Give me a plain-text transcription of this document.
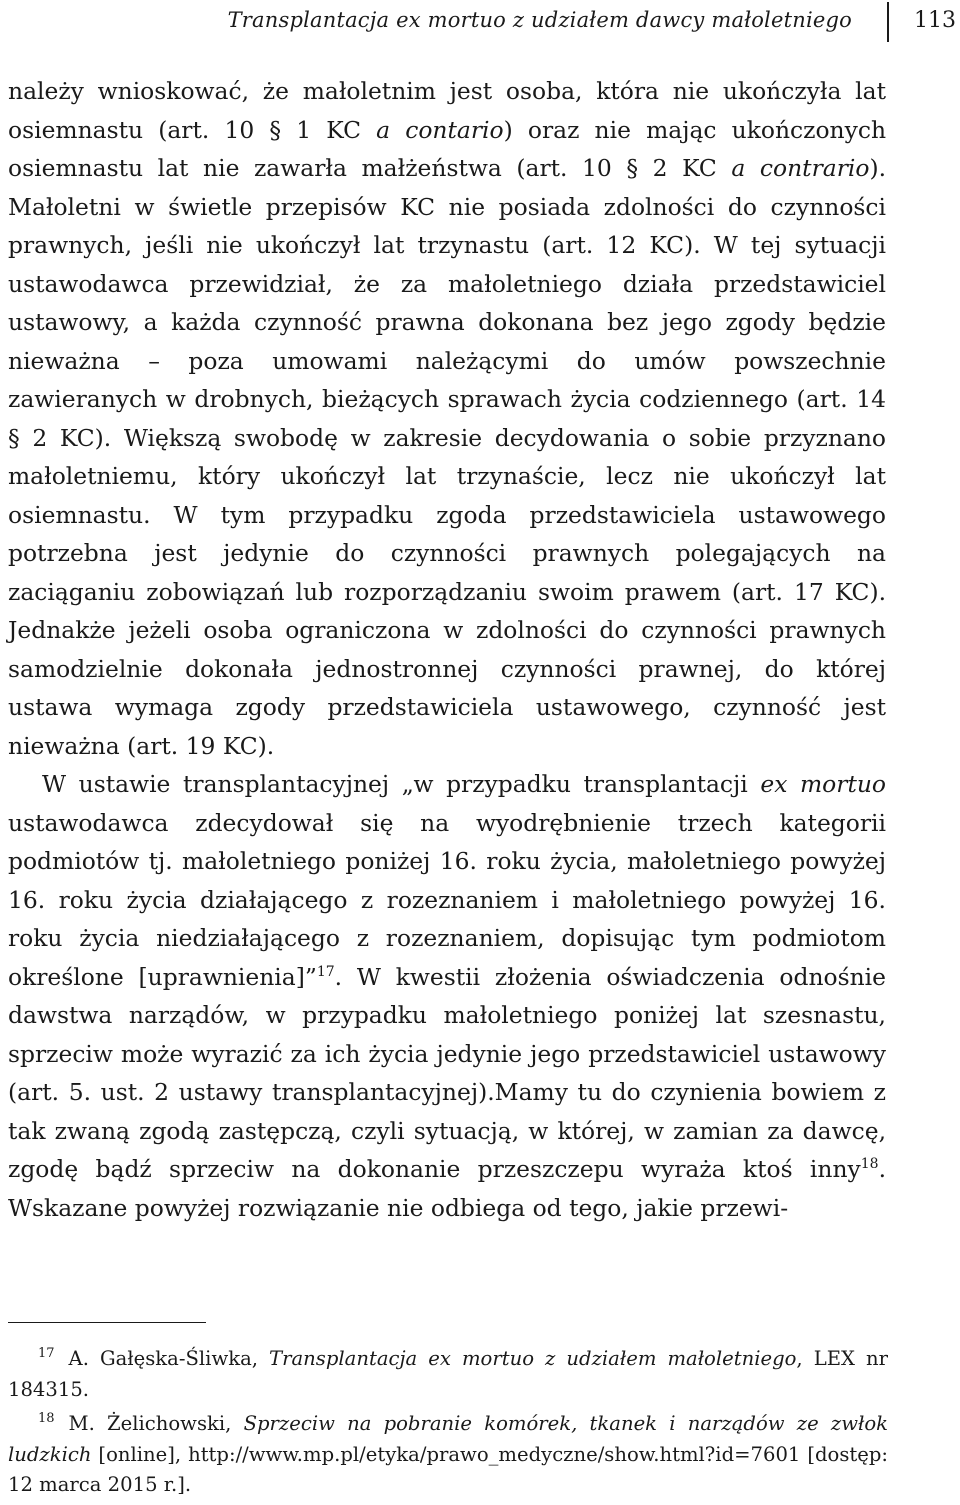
Transplantacja ex mortuo z udziałem dawcy małoletniego	113

należy wnioskować, że małoletnim jest osoba, która nie ukończyła lat osiemnastu (art. 10 § 1 KC a contario) oraz nie mając ukończonych osiemnastu lat nie zawarła małżeństwa (art. 10 § 2 KC a contrario). Małoletni w świetle przepisów KC nie posiada zdolności do czynności prawnych, jeśli nie ukończył lat trzynastu (art. 12 KC). W tej sytuacji ustawodawca przewidział, że za małoletniego działa przedstawiciel ustawowy, a każda czynność prawna dokonana bez jego zgody będzie nieważna – poza umowami należącymi do umów powszechnie zawieranych w drobnych, bieżących sprawach życia codziennego (art. 14 § 2 KC). Większą swobodę w zakresie decydowania o sobie przyznano małoletniemu, który ukończył lat trzynaście, lecz nie ukończył lat osiemnastu. W tym przypadku zgoda przedstawiciela ustawowego potrzebna jest jedynie do czynności prawnych polegających na zaciąganiu zobowiązań lub rozporządzaniu swoim prawem (art. 17 KC). Jednakże jeżeli osoba ograniczona w zdolności do czynności prawnych samodzielnie dokonała jednostronnej czynności prawnej, do której ustawa wymaga zgody przedstawiciela ustawowego, czynność jest nieważna (art. 19 KC).

W ustawie transplantacyjnej „w przypadku transplantacji ex mortuo ustawodawca zdecydował się na wyodrębnienie trzech kategorii podmiotów tj. małoletniego poniżej 16. roku życia, małoletniego powyżej 16. roku życia działającego z rozeznaniem i małoletniego powyżej 16. roku życia niedziałającego z rozeznaniem, dopisując tym podmiotom określone [uprawnienia]”$^{17}$. W kwestii złożenia oświadczenia odnośnie dawstwa narządów, w przypadku małoletniego poniżej lat szesnastu, sprzeciw może wyrazić za ich życia jedynie jego przedstawiciel ustawowy (art. 5. ust. 2 ustawy transplantacyjnej).Mamy tu do czynienia bowiem z tak zwaną zgodą zastępczą, czyli sytuacją, w której, w zamian za dawcę, zgodę bądź sprzeciw na dokonanie przeszczepu wyraża ktoś inny$^{18}$. Wskazane powyżej rozwiązanie nie odbiega od tego, jakie przewi-

$^{17}$ A. Gałęska-Śliwka, Transplantacja ex mortuo z udziałem małoletniego, LEX nr 184315.

$^{18}$ M. Żelichowski, Sprzeciw na pobranie komórek, tkanek i narządów ze zwłok ludzkich [online], http://www.mp.pl/etyka/prawo_medyczne/show.html?id=7601 [dostęp: 12 marca 2015 r.].
